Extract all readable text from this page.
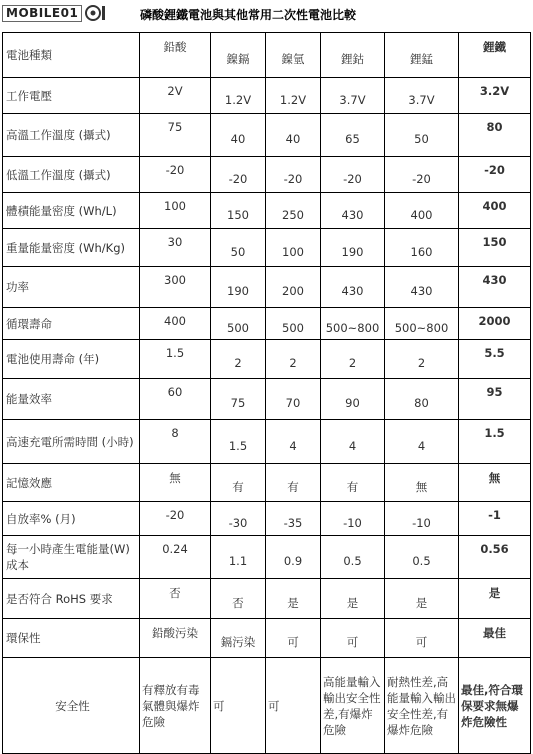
MOBILE01	磷酸鋰鐵電池與其他常用二次性電池比較
電池種類	鉛酸	鎳鎘	鎳氫	鋰鈷	鋰錳	鋰鐵
工作電壓	2V	1.2V	1.2V	3.7V	3.7V	3.2V
高溫工作溫度 (攝式)	75	40	40	65	50	80
低溫工作溫度 (攝式)	-20	-20	-20	-20	-20	-20
體積能量密度 (Wh/L)	100	150	250	430	400	400
重量能量密度 (Wh/Kg)	30	50	100	190	160	150
功率	300	190	200	430	430	430
循環壽命	400	500	500	500~800	500~800	2000
電池使用壽命 (年)	1.5	2	2	2	2	5.5
能量效率	60	75	70	90	80	95
高速充電所需時間 (小時)	8	1.5	4	4	4	1.5
記憶效應	無	有	有	有	無	無
自放率% (月)	-20	-30	-35	-10	-10	-1
每一小時產生電能量(W) 成本	0.24	1.1	0.9	0.5	0.5	0.56
是否符合 RoHS 要求	否	否	是	是	是	是
環保性	鉛酸污染	鎘污染	可	可	可	最佳
安全性	有釋放有毒氣體與爆炸危險	可	可	高能量輸入輸出安全性差,有爆炸危險	耐熱性差,高能量輸入輸出安全性差,有爆炸危險	最佳,符合環保要求無爆炸危險性
